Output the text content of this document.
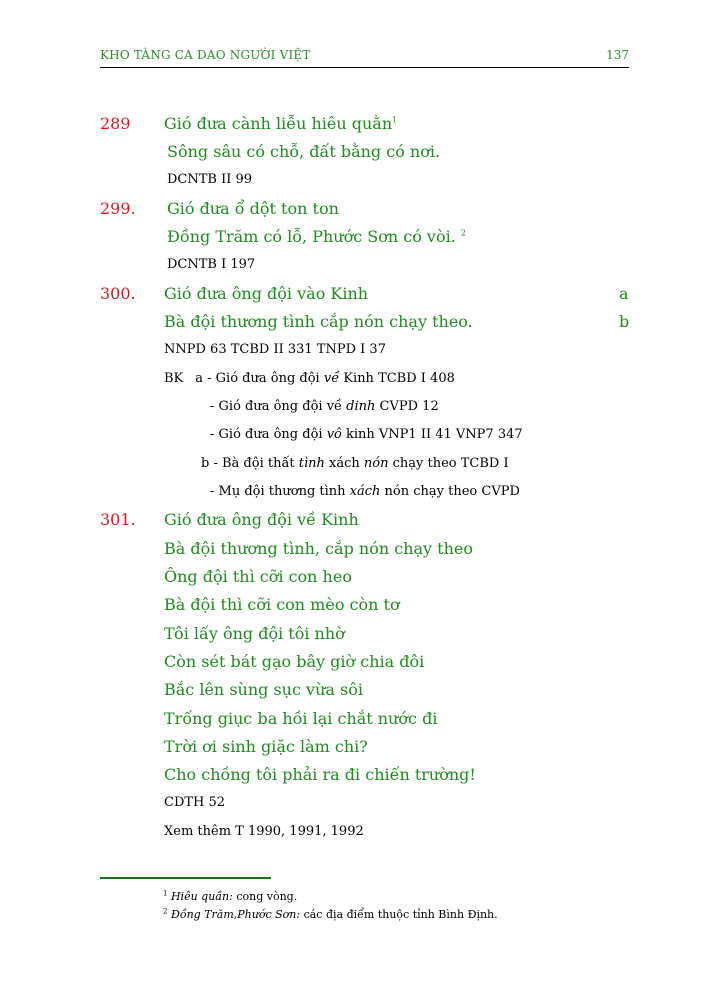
KHO TÀNG CA DAO NGƯỜI VIỆT	137
289 Gió đưa cành liễu hiêu quằn$^1$
Sông sâu có chỗ, đất bằng có nơi.
DCNTB II 99
299. Gió đưa ổ dột ton ton
Đồng Trăm có lỗ, Phước Sơn có vòi. $^2$
DCNTB I 197
300. Gió đưa ông đội vào Kinh	a
Bà đội thương tình cắp nón chạy theo.	b
NNPD 63 TCBD II 331 TNPD I 37
BK a - Gió đưa ông đội về Kinh TCBD I 408
- Gió đưa ông đội về dinh CVPD 12
- Gió đưa ông đội vô kinh VNP1 II 41 VNP7 347
b - Bà đội thất tình xách nón chạy theo TCBD I
- Mụ đội thương tình xách nón chạy theo CVPD
301. Gió đưa ông đội về Kinh
Bà đội thương tình, cắp nón chạy theo
Ông đội thì cỡi con heo
Bà đội thì cỡi con mèo còn tơ
Tôi lấy ông đội tôi nhờ
Còn sét bát gạo bây giờ chia đôi
Bắc lên sùng sục vừa sôi
Trống giục ba hồi lại chắt nước đi
Trời ơi sinh giặc làm chi?
Cho chồng tôi phải ra đi chiến trường!
CDTH 52
Xem thêm T 1990, 1991, 1992
$^1$ Hiêu quần: cong vòng.
$^2$ Đồng Trăm,Phước Sơn: các địa điểm thuộc tỉnh Bình Định.
